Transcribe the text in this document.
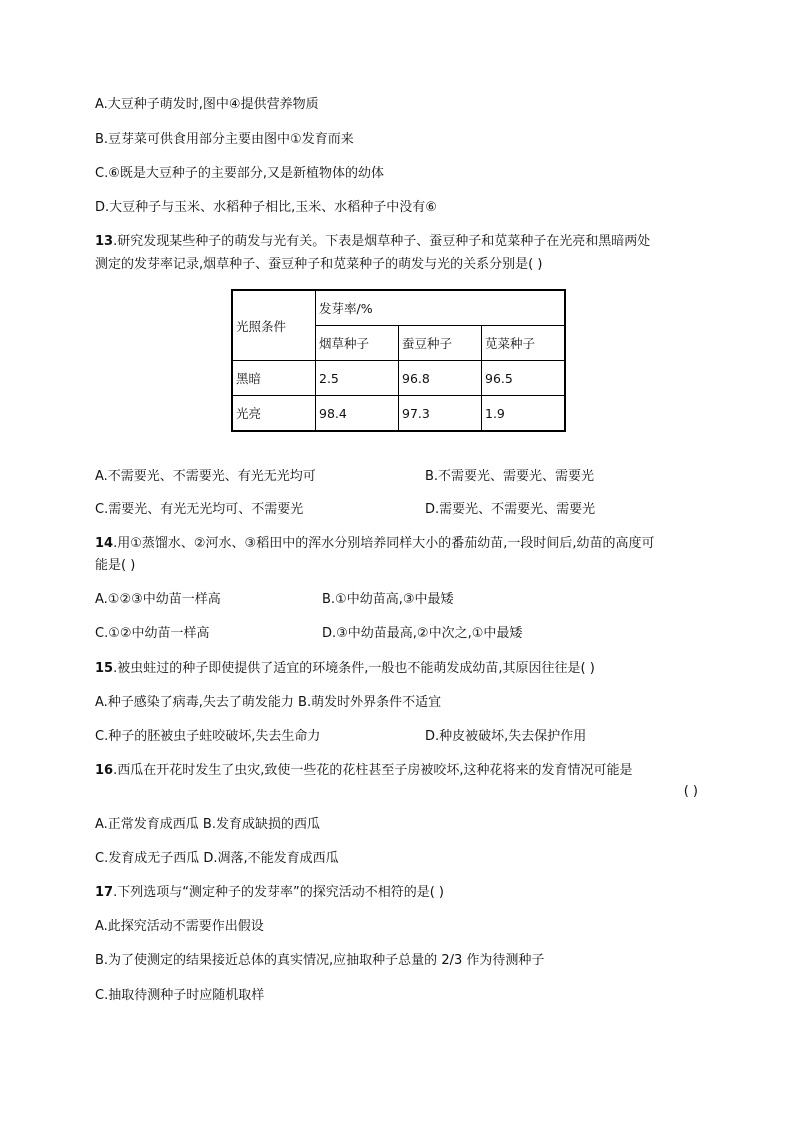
A.大豆种子萌发时,图中④提供营养物质
B.豆芽菜可供食用部分主要由图中①发育而来
C.⑥既是大豆种子的主要部分,又是新植物体的幼体
D.大豆种子与玉米、水稻种子相比,玉米、水稻种子中没有⑥
13.研究发现某些种子的萌发与光有关。下表是烟草种子、蚕豆种子和苋菜种子在光亮和黑暗两处
测定的发芽率记录,烟草种子、蚕豆种子和苋菜种子的萌发与光的关系分别是( )
光照条件	发芽率/%		
	烟草种子	蚕豆种子	苋菜种子
黑暗	2.5	96.8	96.5
光亮	98.4	97.3	1.9
A.不需要光、不需要光、有光无光均可	B.不需要光、需要光、需要光
C.需要光、有光无光均可、不需要光	D.需要光、不需要光、需要光
14.用①蒸馏水、②河水、③稻田中的浑水分别培养同样大小的番茄幼苗,一段时间后,幼苗的高度可
能是( )
A.①②③中幼苗一样高	B.①中幼苗高,③中最矮
C.①②中幼苗一样高	D.③中幼苗最高,②中次之,①中最矮
15.被虫蛀过的种子即使提供了适宜的环境条件,一般也不能萌发成幼苗,其原因往往是( )
A.种子感染了病毒,失去了萌发能力 B.萌发时外界条件不适宜
C.种子的胚被虫子蛀咬破坏,失去生命力	D.种皮被破坏,失去保护作用
16.西瓜在开花时发生了虫灾,致使一些花的花柱甚至子房被咬坏,这种花将来的发育情况可能是
( )
A.正常发育成西瓜 B.发育成缺损的西瓜
C.发育成无子西瓜 D.凋落,不能发育成西瓜
17.下列选项与“测定种子的发芽率”的探究活动不相符的是( )
A.此探究活动不需要作出假设
B.为了使测定的结果接近总体的真实情况,应抽取种子总量的 2/3 作为待测种子
C.抽取待测种子时应随机取样
